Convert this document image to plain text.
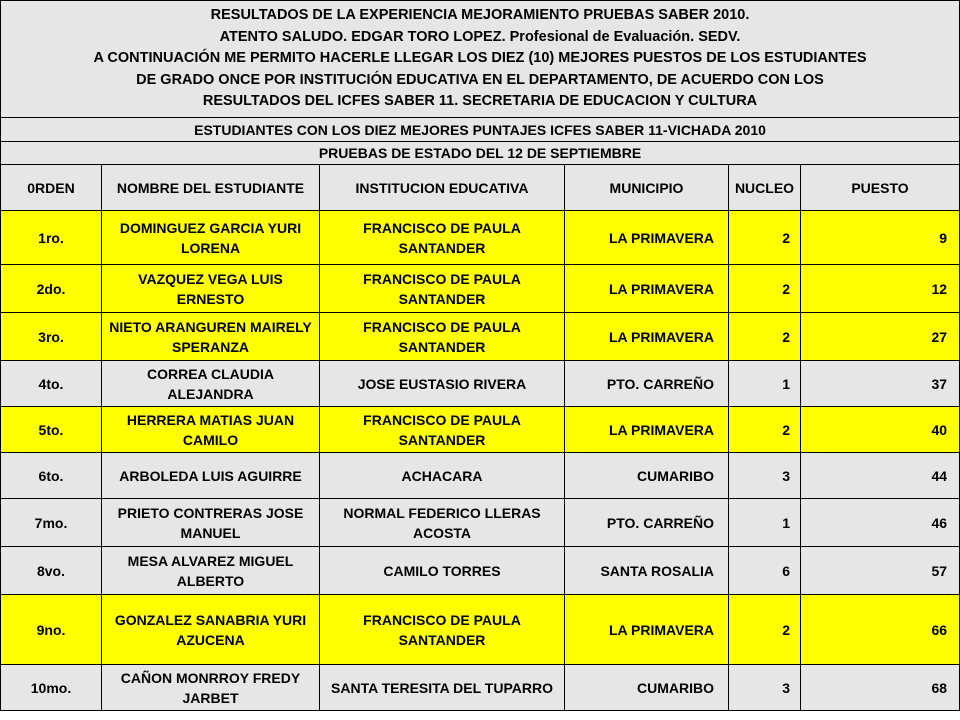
RESULTADOS DE LA EXPERIENCIA MEJORAMIENTO PRUEBAS SABER 2010.
ATENTO SALUDO. EDGAR TORO LOPEZ. Profesional de Evaluación. SEDV.
A CONTINUACIÓN ME PERMITO HACERLE LLEGAR LOS DIEZ (10) MEJORES PUESTOS DE LOS ESTUDIANTES
DE GRADO ONCE POR INSTITUCIÓN EDUCATIVA EN EL DEPARTAMENTO, DE ACUERDO CON LOS
RESULTADOS DEL ICFES SABER 11. SECRETARIA DE EDUCACION Y CULTURA					

ESTUDIANTES CON LOS DIEZ MEJORES PUNTAJES ICFES SABER 11-VICHADA 2010					
PRUEBAS DE ESTADO DEL 12 DE SEPTIEMBRE					
0RDEN	NOMBRE DEL ESTUDIANTE	INSTITUCION EDUCATIVA	MUNICIPIO	NUCLEO	PUESTO
1ro.	DOMINGUEZ GARCIA YURI LORENA	FRANCISCO DE PAULA SANTANDER	LA PRIMAVERA	2	9
2do.	VAZQUEZ VEGA LUIS ERNESTO	FRANCISCO DE PAULA SANTANDER	LA PRIMAVERA	2	12
3ro.	NIETO ARANGUREN MAIRELY SPERANZA	FRANCISCO DE PAULA SANTANDER	LA PRIMAVERA	2	27
4to.	CORREA CLAUDIA ALEJANDRA	JOSE EUSTASIO RIVERA	PTO. CARREÑO	1	37
5to.	HERRERA MATIAS JUAN CAMILO	FRANCISCO DE PAULA SANTANDER	LA PRIMAVERA	2	40
6to.	ARBOLEDA LUIS AGUIRRE	ACHACARA	CUMARIBO	3	44
7mo.	PRIETO CONTRERAS JOSE MANUEL	NORMAL FEDERICO LLERAS ACOSTA	PTO. CARREÑO	1	46
8vo.	MESA ALVAREZ MIGUEL ALBERTO	CAMILO TORRES	SANTA ROSALIA	6	57
9no.	GONZALEZ SANABRIA YURI AZUCENA	FRANCISCO DE PAULA SANTANDER	LA PRIMAVERA	2	66
10mo.	CAÑON MONRROY FREDY JARBET	SANTA TERESITA DEL TUPARRO	CUMARIBO	3	68
